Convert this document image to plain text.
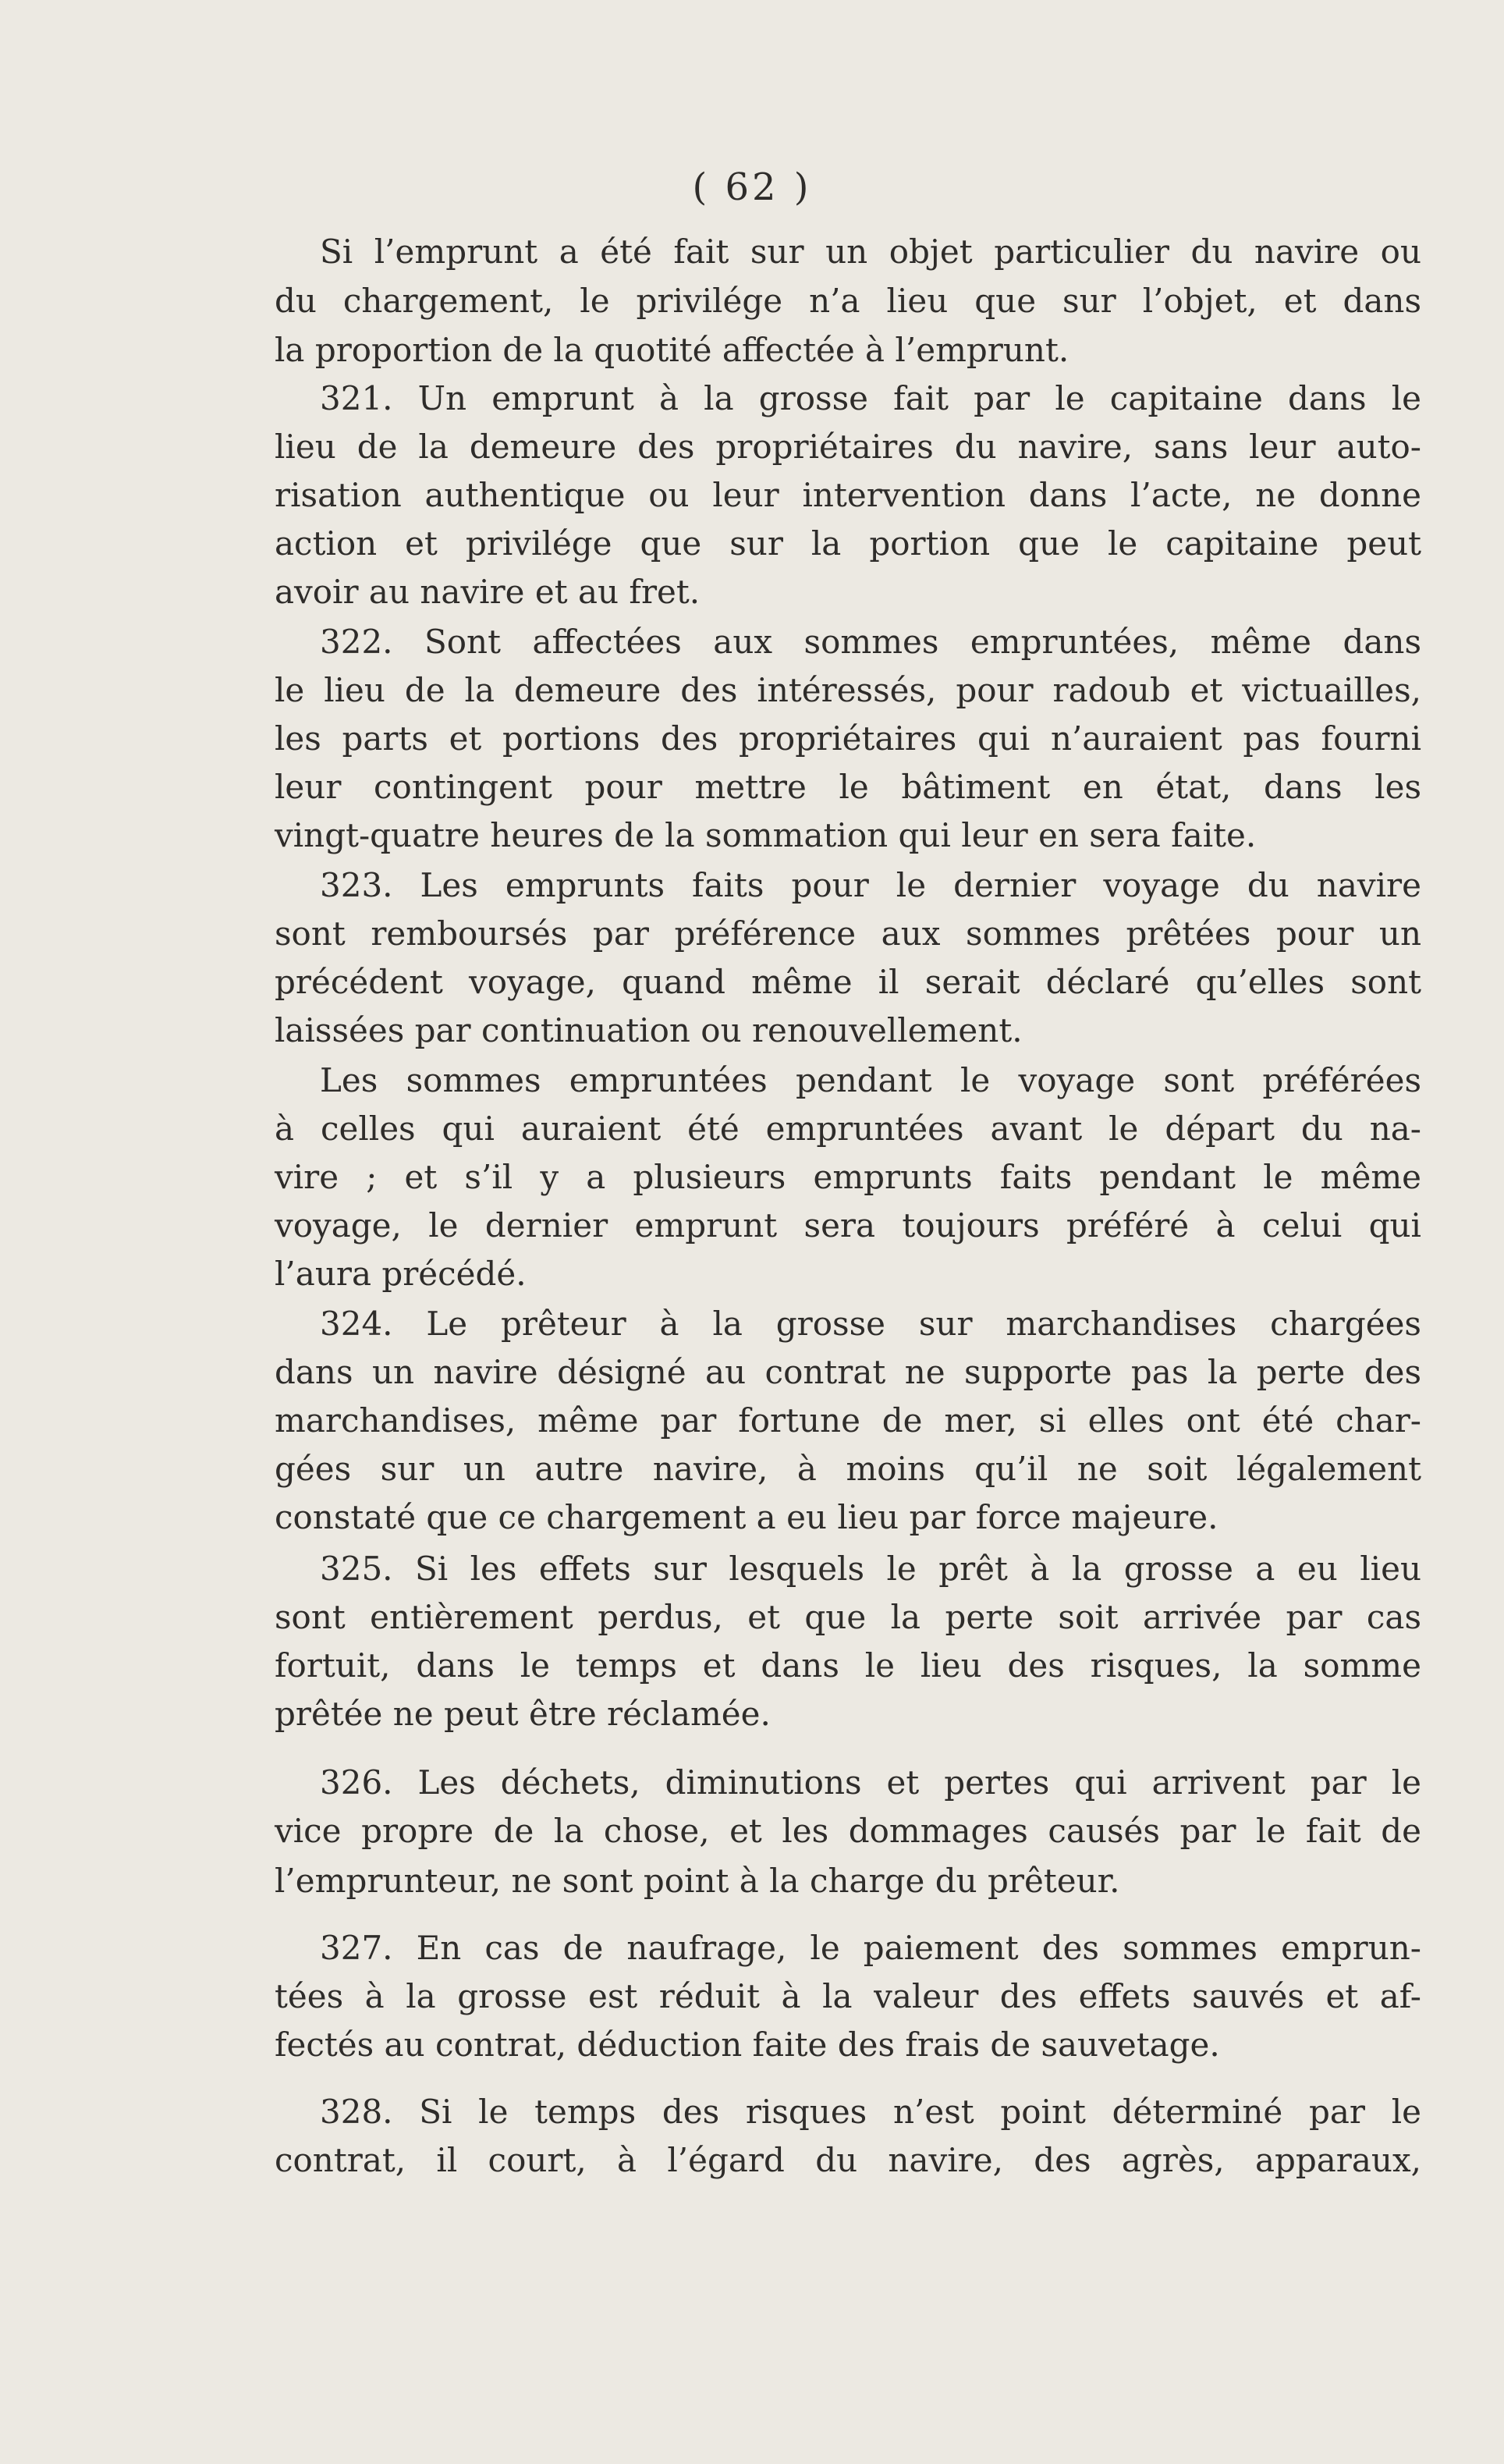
( 62 )
Si l’emprunt a été fait sur un objet particulier du navire ou
du chargement, le privilége n’a lieu que sur l’objet, et dans
la proportion de la quotité affectée à l’emprunt.
321. Un emprunt à la grosse fait par le capitaine dans le
lieu de la demeure des propriétaires du navire, sans leur auto-
risation authentique ou leur intervention dans l’acte, ne donne
action et privilége que sur la portion que le capitaine peut
avoir au navire et au fret.
322. Sont affectées aux sommes empruntées, même dans
le lieu de la demeure des intéressés, pour radoub et victuailles,
les parts et portions des propriétaires qui n’auraient pas fourni
leur contingent pour mettre le bâtiment en état, dans les
vingt-quatre heures de la sommation qui leur en sera faite.
323. Les emprunts faits pour le dernier voyage du navire
sont remboursés par préférence aux sommes prêtées pour un
précédent voyage, quand même il serait déclaré qu’elles sont
laissées par continuation ou renouvellement.
Les sommes empruntées pendant le voyage sont préférées
à celles qui auraient été empruntées avant le départ du na-
vire ; et s’il y a plusieurs emprunts faits pendant le même
voyage, le dernier emprunt sera toujours préféré à celui qui
l’aura précédé.
324. Le prêteur à la grosse sur marchandises chargées
dans un navire désigné au contrat ne supporte pas la perte des
marchandises, même par fortune de mer, si elles ont été char-
gées sur un autre navire, à moins qu’il ne soit légalement
constaté que ce chargement a eu lieu par force majeure.
325. Si les effets sur lesquels le prêt à la grosse a eu lieu
sont entièrement perdus, et que la perte soit arrivée par cas
fortuit, dans le temps et dans le lieu des risques, la somme
prêtée ne peut être réclamée.
326. Les déchets, diminutions et pertes qui arrivent par le
vice propre de la chose, et les dommages causés par le fait de
l’emprunteur, ne sont point à la charge du prêteur.
327. En cas de naufrage, le paiement des sommes emprun-
tées à la grosse est réduit à la valeur des effets sauvés et af-
fectés au contrat, déduction faite des frais de sauvetage.
328. Si le temps des risques n’est point déterminé par le
contrat, il court, à l’égard du navire, des agrès, apparaux,
